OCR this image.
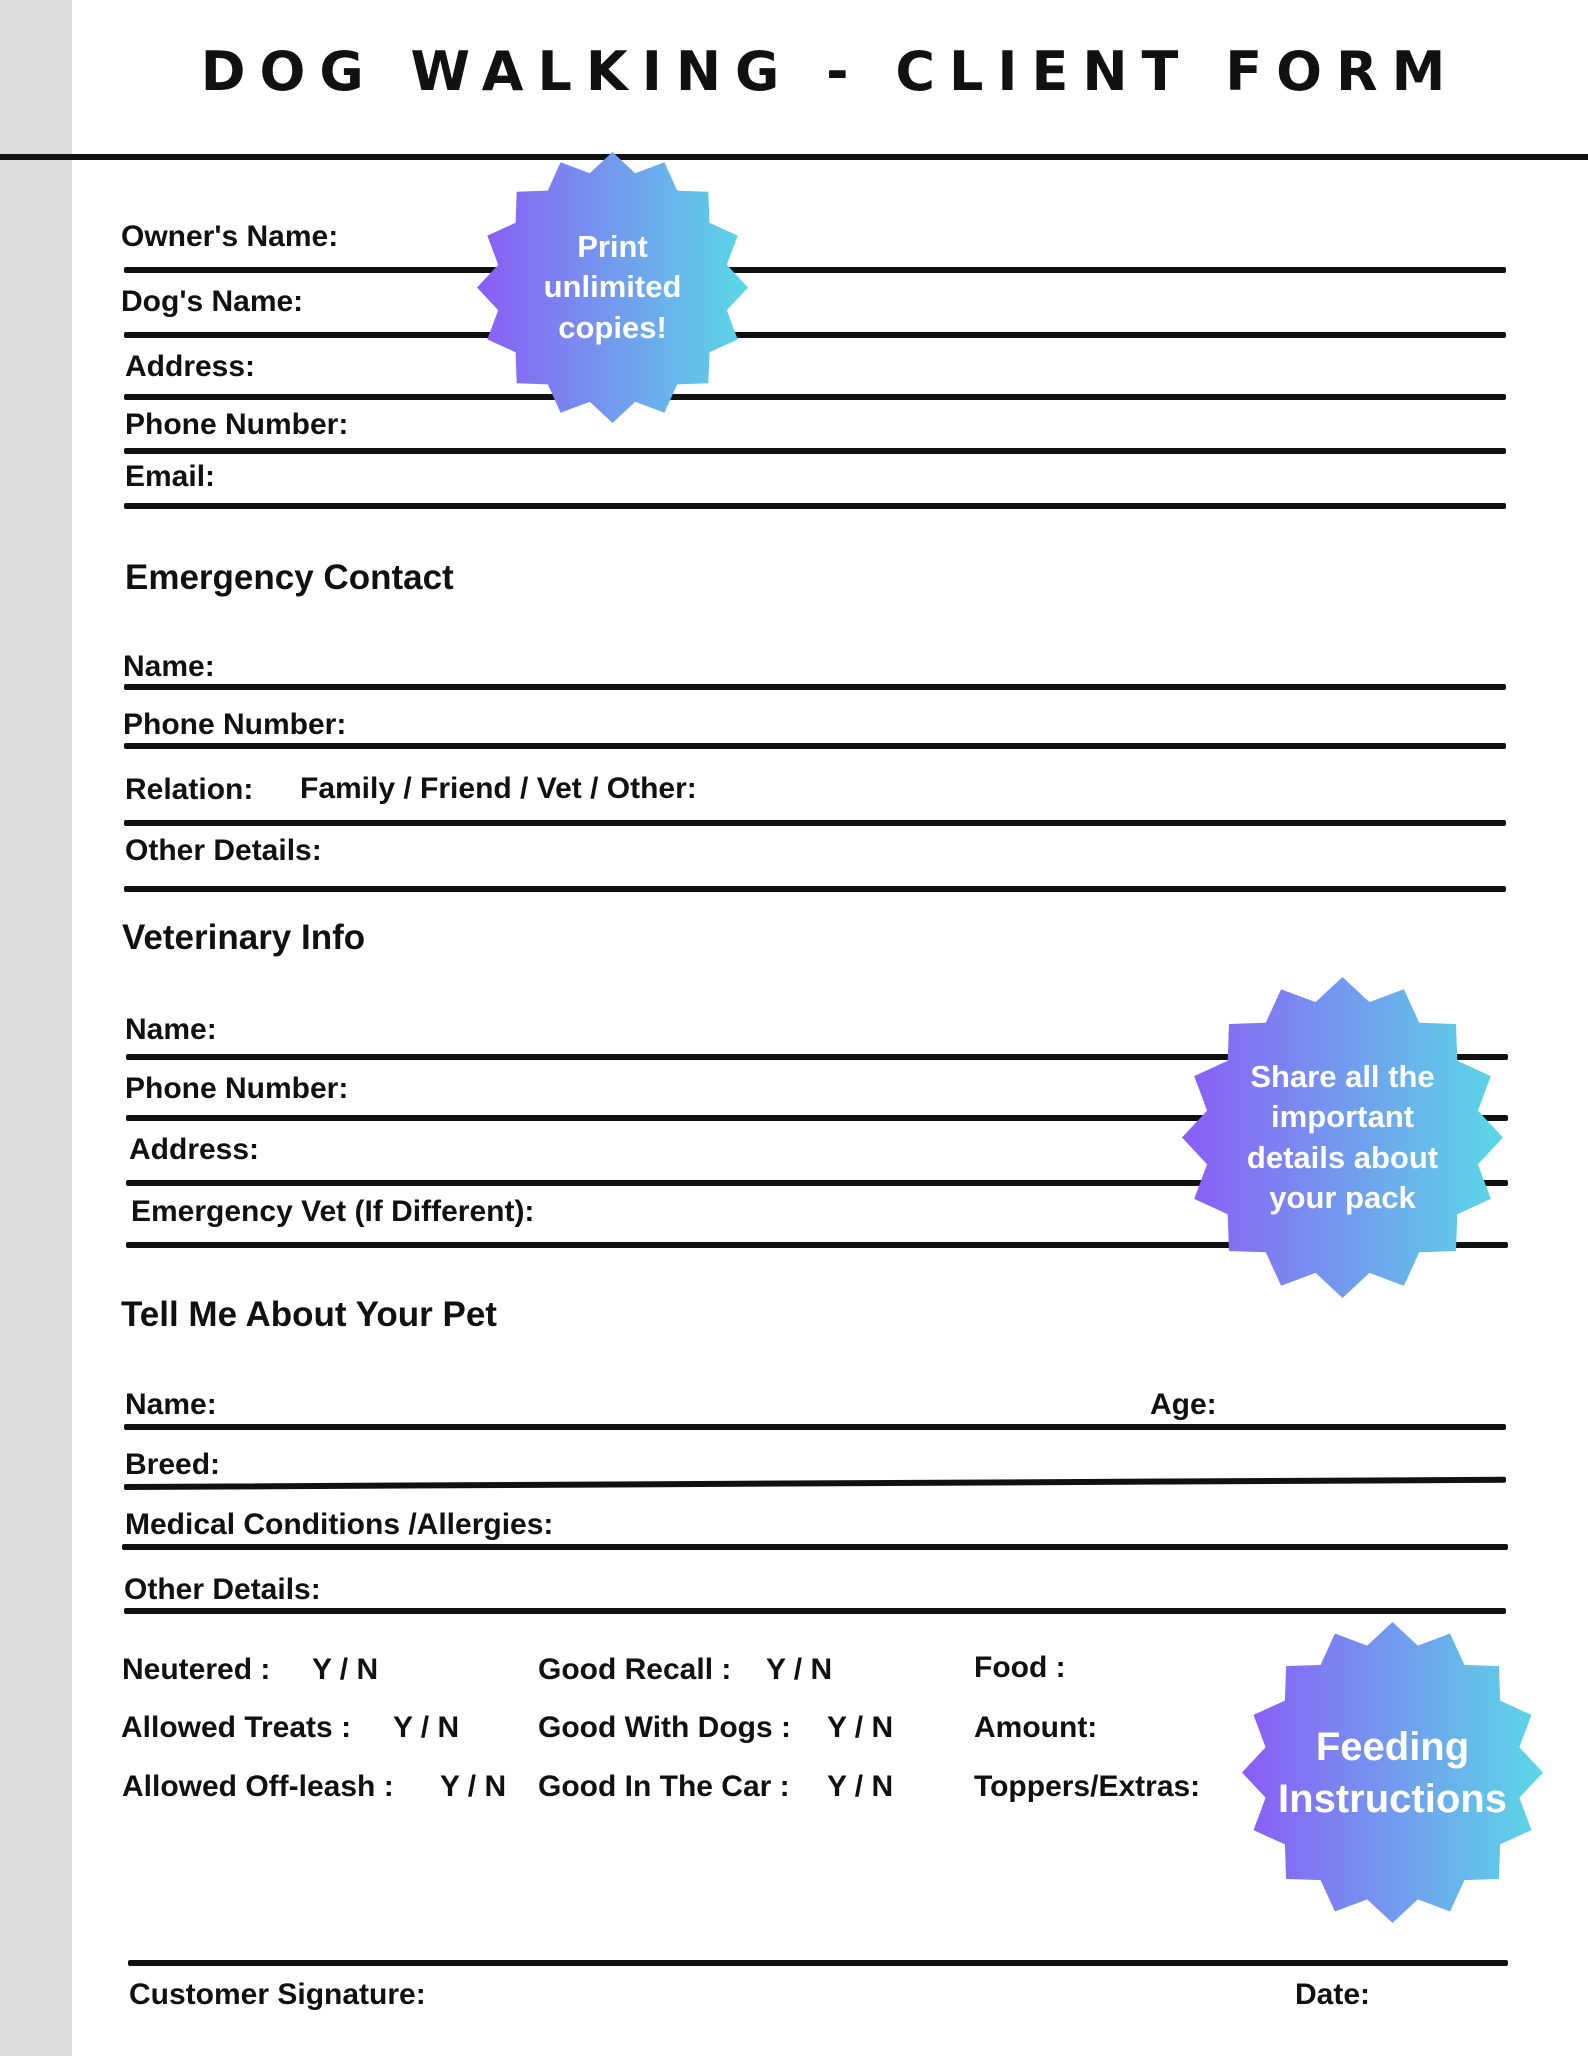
DOG WALKING - CLIENT FORM
Owner's Name:
Dog's Name:
Address:
Phone Number:
Email:
Print unlimited copies!
Emergency Contact
Name:
Phone Number:
Relation: Family / Friend / Vet / Other:
Other Details:
Veterinary Info
Name:
Phone Number:
Address:
Emergency Vet (If Different):
Share all the important details about your pack
Tell Me About Your Pet
Name:	Age:
Breed:
Medical Conditions /Allergies:
Other Details:
Neutered : Y / N
Allowed Treats : Y / N
Allowed Off-leash : Y / N
Good Recall : Y / N
Good With Dogs : Y / N
Good In The Car : Y / N
Food :
Amount:
Toppers/Extras:
Feeding Instructions
Customer Signature:	Date:
